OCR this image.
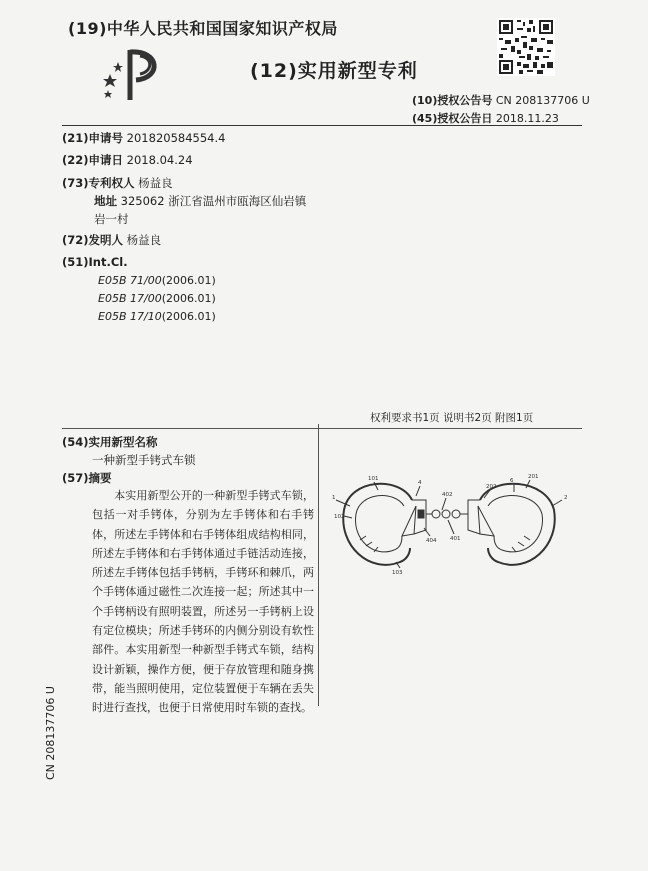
(19)中华人民共和国国家知识产权局
(12)实用新型专利
(10)授权公告号 CN 208137706 U
(45)授权公告日 2018.11.23
(21)申请号 201820584554.4
(22)申请日 2018.04.24
(73)专利权人 杨益良
地址 325062 浙江省温州市瓯海区仙岩镇
岩一村
(72)发明人 杨益良
(51)Int.Cl.
E05B 71/00(2006.01)
E05B 17/00(2006.01)
E05B 17/10(2006.01)
权利要求书1页 说明书2页 附图1页
(54)实用新型名称
一种新型手铐式车锁
(57)摘要
本实用新型公开的一种新型手铐式车锁，包括一对手铐体，分别为左手铐体和右手铐体，所述左手铐体和右手铐体组成结构相同，所述左手铐体和右手铐体通过手链活动连接，所述左手铐体包括手铐柄，手铐环和棘爪，两个手铐体通过磁性二次连接一起；所述其中一个手铐柄设有照明装置，所述另一手铐柄上设有定位模块；所述手铐环的内侧分别设有软性部件。本实用新型一种新型手铐式车锁，结构设计新颖，操作方便，便于存放管理和随身携带，能当照明使用，定位装置便于车辆在丢失时进行查找，也便于日常使用时车锁的查找。
1	2
101
4
402
202
6
201
102
404 401
103
CN 208137706 U
